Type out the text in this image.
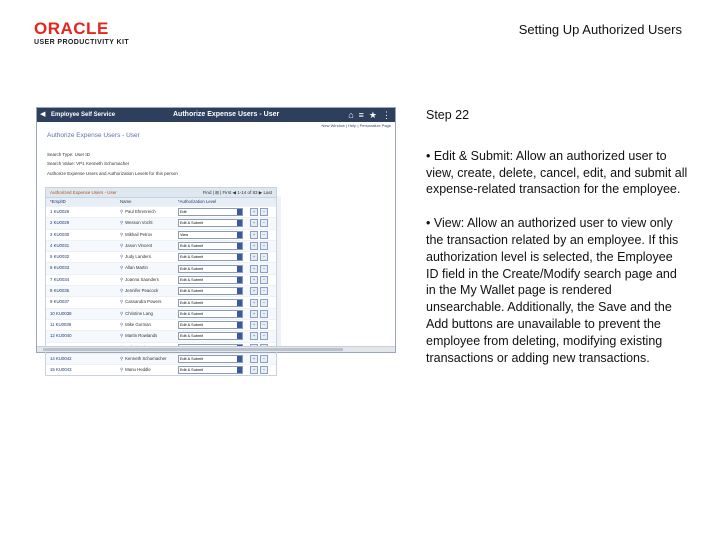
ORACLE
USER PRODUCTIVITY KIT
Setting Up Authorized Users
◀ Employee Self Service	Authorize Expense Users - User	⌂ ≡ ★ ⋮
New Window | Help | Personalize Page
Authorize Expense Users - User
Search Type: User ID
Search Value: VP1 Kenneth Schumacher
Authorize Expense Users and Authorization Levels for this person
Authorized Expense Users - User	Find | ⊞ | First ◀ 1-14 of 83 ▶ Last
*EmplID	Name	*Authorization Level
1 KU0026	⚲ Paul Ehrenreich	Edit	+	−
2 KU0029	⚲ Wesson Vocht	Edit & Submit	+	−
3 KU0030	⚲ Mikhail Petrov	View	+	−
4 KU0031	⚲ Jason Vincent	Edit & Submit	+	−
5 KU0032	⚲ Judy Landers	Edit & Submit	+	−
6 KU0033	⚲ Allan Martin	Edit & Submit	+	−
7 KU0034	⚲ Joanna Saunders	Edit & Submit	+	−
8 KU0035	⚲ Jennifer Peacock	Edit & Submit	+	−
9 KU0037	⚲ Cassandra Powers	Edit & Submit	+	−
10 KU0038	⚲ Christine Lang	Edit & Submit	+	−
11 KU0039	⚲ Mike Gorman	Edit & Submit	+	−
12 KU0040	⚲ Martin Rowlands	Edit & Submit	+	−
14 KU0042	⚲ Kenneth Schumacher	Edit & Submit	+	−
15 KU0043	⚲ Manu Heddle	Edit & Submit	+	−

Step 22

• Edit & Submit: Allow an authorized user to view, create, delete, cancel, edit, and submit all expense-related transaction for the employee.

• View: Allow an authorized user to view only the transaction related by an employee. If this authorization level is selected, the Employee ID field in the Create/Modify search page and in the My Wallet page is rendered unsearchable. Additionally, the Save and the Add buttons are unavailable to prevent the employee from deleting, modifying existing transactions or adding new transactions.
